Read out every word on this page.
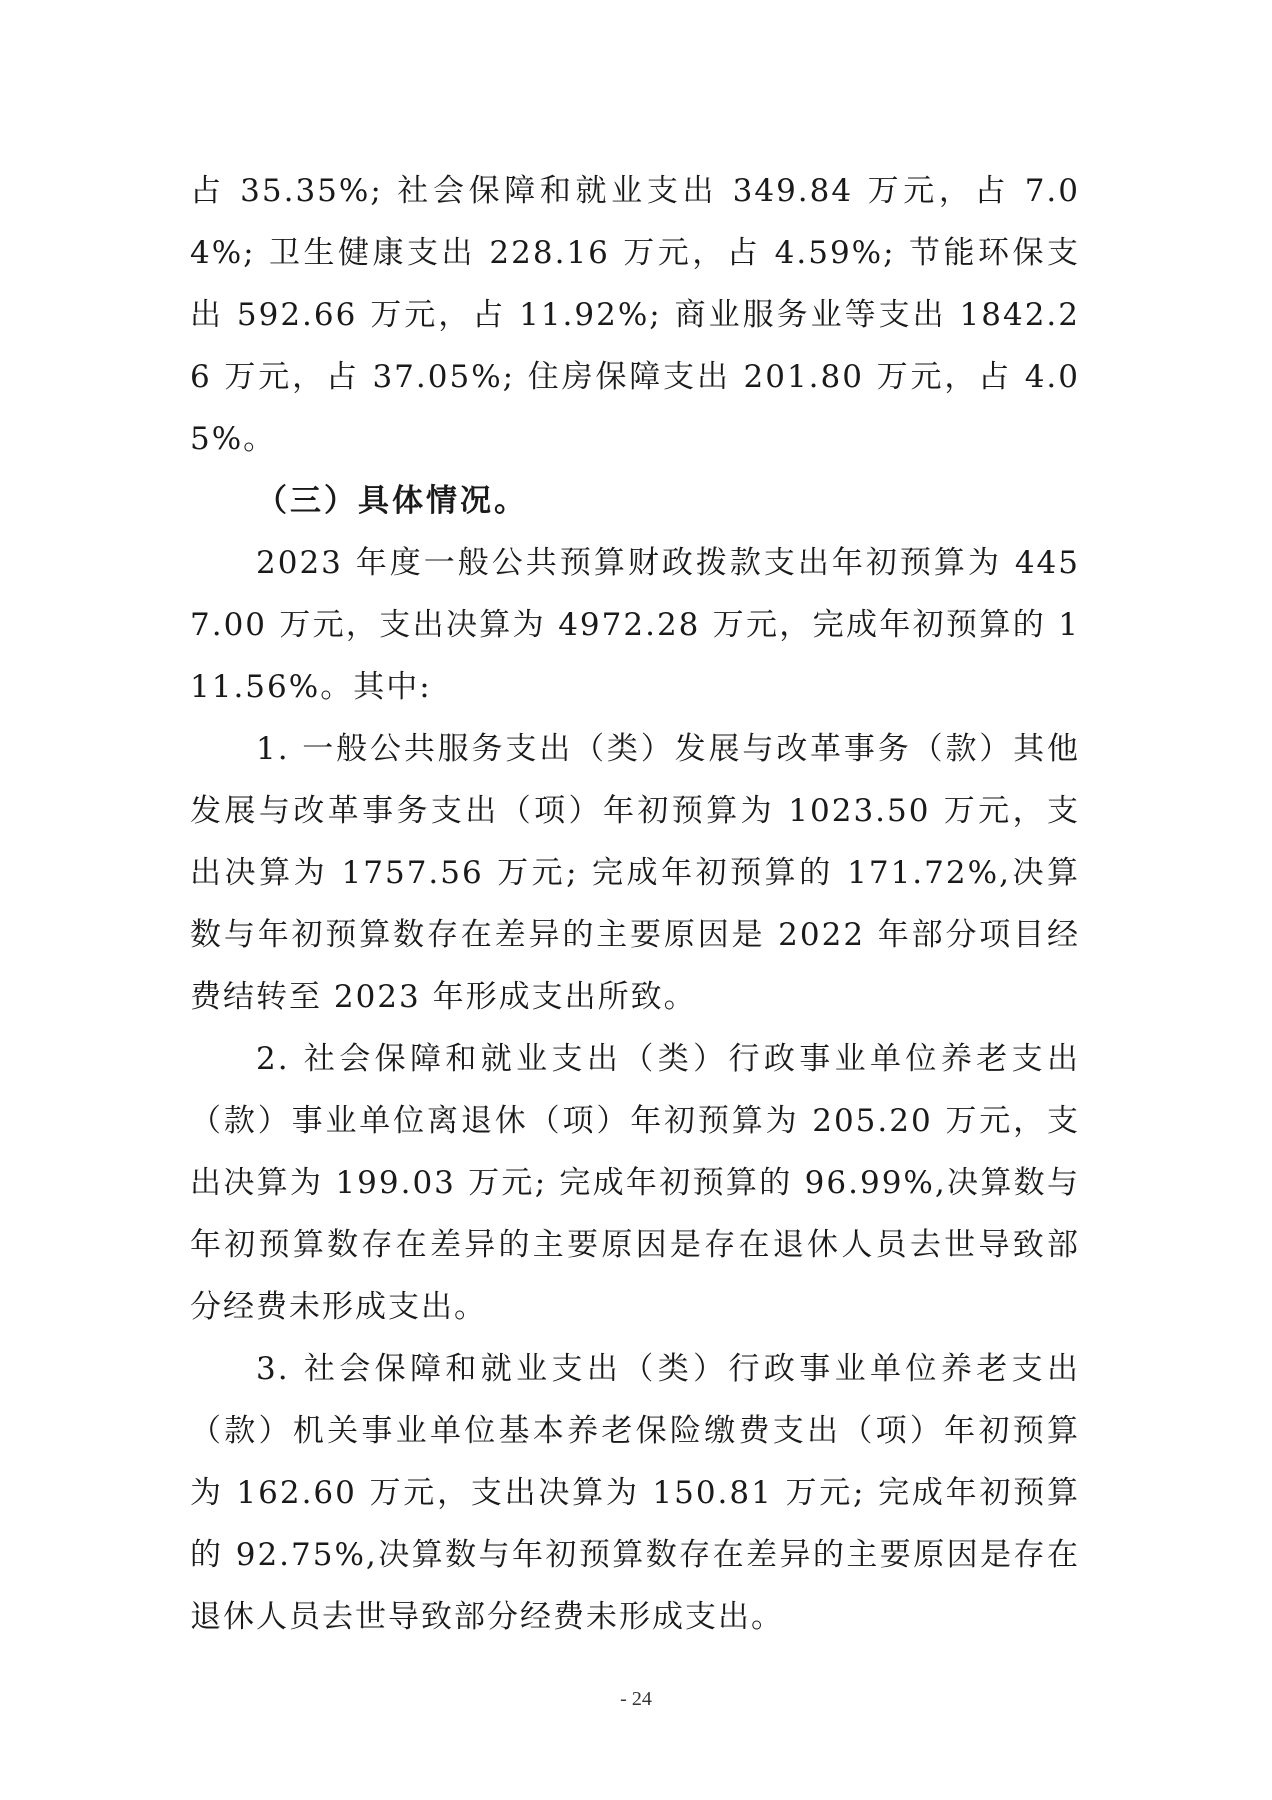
占 35.35%; 社会保障和就业支出 349.84 万元，占 7.04%; 卫生健康支出 228.16 万元，占 4.59%; 节能环保支出 592.66 万元，占 11.92%; 商业服务业等支出 1842.26 万元，占 37.05%; 住房保障支出 201.80 万元，占 4.05%。

（三）具体情况。

2023 年度一般公共预算财政拨款支出年初预算为 4457.00 万元，支出决算为 4972.28 万元，完成年初预算的 111.56%。其中:

1. 一般公共服务支出（类）发展与改革事务（款）其他发展与改革事务支出（项）年初预算为 1023.50 万元，支出决算为 1757.56 万元; 完成年初预算的 171.72%,决算数与年初预算数存在差异的主要原因是 2022 年部分项目经费结转至 2023 年形成支出所致。

2. 社会保障和就业支出（类）行政事业单位养老支出（款）事业单位离退休（项）年初预算为 205.20 万元，支出决算为 199.03 万元; 完成年初预算的 96.99%,决算数与年初预算数存在差异的主要原因是存在退休人员去世导致部分经费未形成支出。

3. 社会保障和就业支出（类）行政事业单位养老支出（款）机关事业单位基本养老保险缴费支出（项）年初预算为 162.60 万元，支出决算为 150.81 万元; 完成年初预算的 92.75%,决算数与年初预算数存在差异的主要原因是存在退休人员去世导致部分经费未形成支出。

- 24
